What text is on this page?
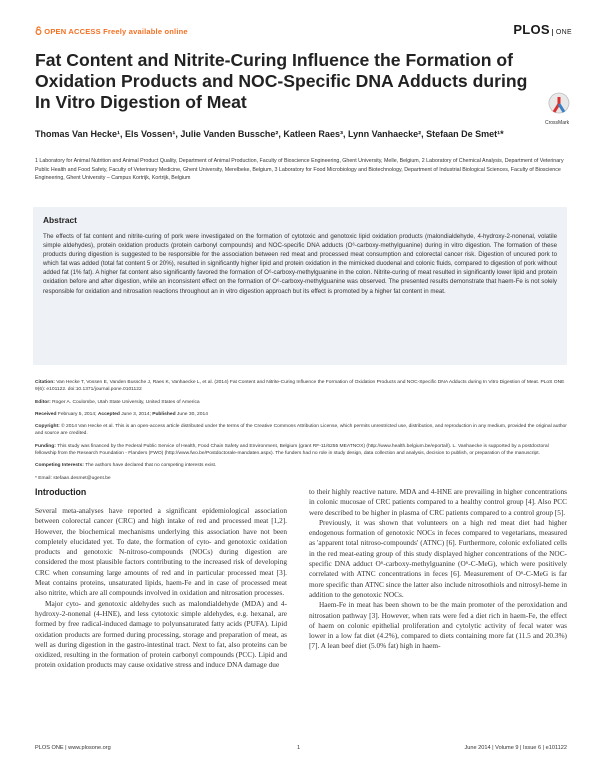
OPEN ACCESS Freely available online	PLOS ONE
Fat Content and Nitrite-Curing Influence the Formation of Oxidation Products and NOC-Specific DNA Adducts during In Vitro Digestion of Meat
CrossMark
Thomas Van Hecke¹, Els Vossen¹, Julie Vanden Bussche², Katleen Raes³, Lynn Vanhaecke², Stefaan De Smet¹*
1 Laboratory for Animal Nutrition and Animal Product Quality, Department of Animal Production, Faculty of Bioscience Engineering, Ghent University, Melle, Belgium, 2 Laboratory of Chemical Analysis, Department of Veterinary Public Health and Food Safety, Faculty of Veterinary Medicine, Ghent University, Merelbeke, Belgium, 3 Laboratory for Food Microbiology and Biotechnology, Department of Industrial Biological Sciences, Faculty of Bioscience Engineering, Ghent University – Campus Kortrijk, Kortrijk, Belgium
Abstract

The effects of fat content and nitrite-curing of pork were investigated on the formation of cytotoxic and genotoxic lipid oxidation products (malondialdehyde, 4-hydroxy-2-nonenal, volatile simple aldehydes), protein oxidation products (protein carbonyl compounds) and NOC-specific DNA adducts (O⁶-carboxy-methylguanine) during in vitro digestion. The formation of these products during digestion is suggested to be responsible for the association between red meat and processed meat consumption and colorectal cancer risk. Digestion of uncured pork to which fat was added (total fat content 5 or 20%), resulted in significantly higher lipid and protein oxidation in the mimicked duodenal and colonic fluids, compared to digestion of pork without added fat (1% fat). A higher fat content also significantly favored the formation of O⁶-carboxy-methylguanine in the colon. Nitrite-curing of meat resulted in significantly lower lipid and protein oxidation before and after digestion, while an inconsistent effect on the formation of O⁶-carboxy-methylguanine was observed. The presented results demonstrate that haem-Fe is not solely responsible for oxidation and nitrosation reactions throughout an in vitro digestion approach but its effect is promoted by a higher fat content in meat.

Citation: Van Hecke T, Vossen E, Vanden Bussche J, Raes K, Vanhaecke L, et al. (2014) Fat Content and Nitrite-Curing Influence the Formation of Oxidation Products and NOC-Specific DNA Adducts during In Vitro Digestion of Meat. PLoS ONE 9(6): e101122. doi:10.1371/journal.pone.0101122

Editor: Roger A. Coulombe, Utah State University, United States of America

Received February 5, 2014; Accepted June 3, 2014; Published June 30, 2014

Copyright: © 2014 Van Hecke et al. This is an open-access article distributed under the terms of the Creative Commons Attribution License, which permits unrestricted use, distribution, and reproduction in any medium, provided the original author and source are credited.

Funding: This study was financed by the Federal Public Service of Health, Food Chain Safety and Environment, Belgium (grant RF-11/6255 MEATNOX) (http://www.health.belgium.be/eportal/). L. Vanhaecke is supported by a postdoctoral fellowship from the Research Foundation - Flanders (FWO) (http://www.fwo.be/Postdoctorale-mandaten.aspx). The funders had no role in study design, data collection and analysis, decision to publish, or preparation of the manuscript.

Competing Interests: The authors have declared that no competing interests exist.

* Email: stefaan.desmet@ugent.be

Introduction

Several meta-analyses have reported a significant epidemiological association between colorectal cancer (CRC) and high intake of red and processed meat [1,2]. However, the biochemical mechanisms underlying this association have not been completely elucidated yet. To date, the formation of cyto- and genotoxic oxidation products and genotoxic N-nitroso-compounds (NOCs) during digestion are considered the most plausible factors contributing to the increased risk of developing CRC when consuming large amounts of red and in particular processed meat [3]. Meat contains proteins, unsaturated lipids, haem-Fe and in case of processed meat also nitrite, which are all compounds involved in oxidation and nitrosation processes.

Major cyto- and genotoxic aldehydes such as malondialdehyde (MDA) and 4-hydroxy-2-nonenal (4-HNE), and less cytotoxic simple aldehydes, e.g. hexanal, are formed by free radical-induced damage to polyunsaturated fatty acids (PUFA). Lipid oxidation products are formed during processing, storage and preparation of meat, as well as during digestion in the gastro-intestinal tract. Next to fat, also proteins can be oxidized, resulting in the formation of protein carbonyl compounds (PCC). Lipid and protein oxidation products may cause oxidative stress and induce DNA damage due

to their highly reactive nature. MDA and 4-HNE are prevailing in higher concentrations in colonic mucosae of CRC patients compared to a healthy control group [4]. Also PCC were described to be higher in plasma of CRC patients compared to a control group [5].

Previously, it was shown that volunteers on a high red meat diet had higher endogenous formation of genotoxic NOCs in feces compared to vegetarians, measured as 'apparent total nitroso-compounds' (ATNC) [6]. Furthermore, colonic exfoliated cells in the red meat-eating group of this study displayed higher concentrations of the NOC-specific DNA adduct O⁶-carboxy-methylguanine (O⁶-C-MeG), which were positively correlated with ATNC concentrations in feces [6]. Measurement of O⁶-C-MeG is far more specific than ATNC since the latter also include nitrosothiols and nitrosyl-heme in addition to the genotoxic NOCs.

Haem-Fe in meat has been shown to be the main promoter of the peroxidation and nitrosation pathway [3]. However, when rats were fed a diet rich in haem-Fe, the effect of haem on colonic epithelial proliferation and cytolytic activity of fecal water was lower in a low fat diet (4.2%), compared to diets containing more fat (11.5 and 20.3%) [7]. A lean beef diet (5.0% fat) high in haem-

PLOS ONE | www.plosone.org	1	June 2014 | Volume 9 | Issue 6 | e101122
